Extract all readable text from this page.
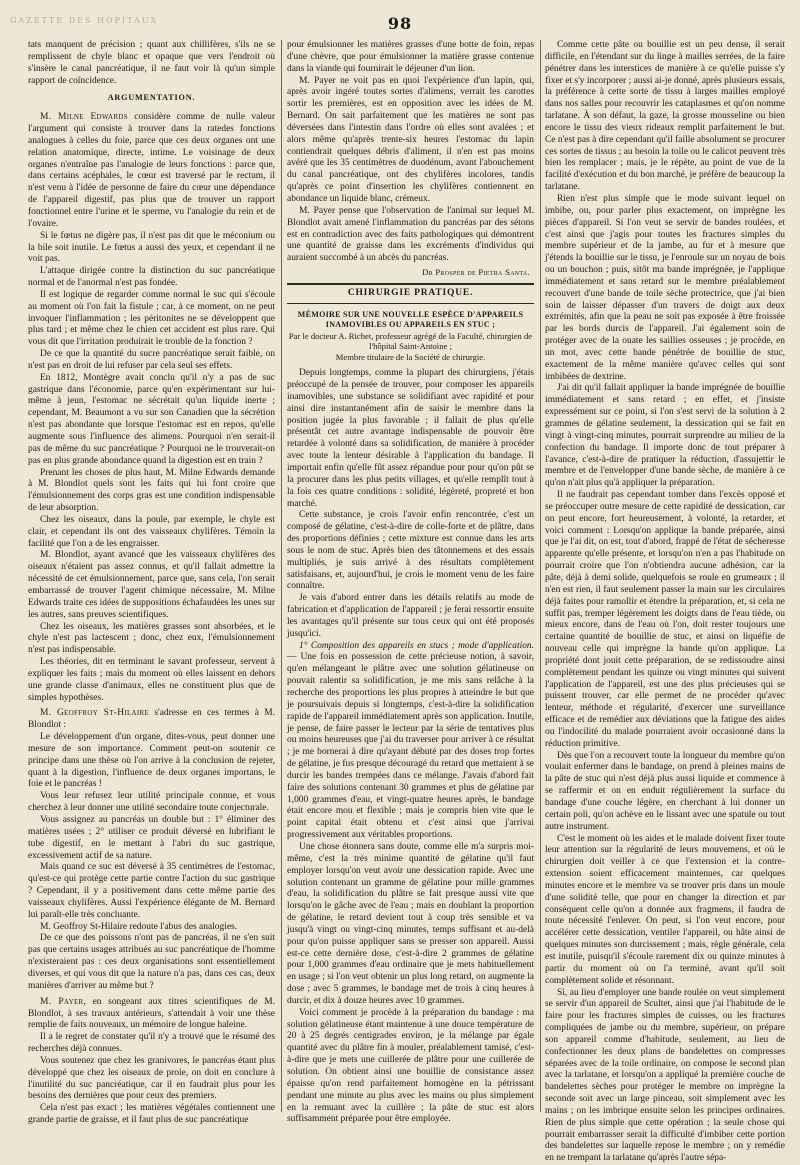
GAZETTE DES HOPITAUX	98

tats manquent de précision ; quant aux chillifères, s'ils ne se remplissent de chyle blanc et opaque que vers l'endroit où s'insère le canal pancréatique, il ne faut voir là qu'un simple rapport de coïncidence.

ARGUMENTATION.

M. Milne Edwards considère comme de nulle valeur l'argument qui consiste à trouver dans la ratedes fonctions analogues à celles du foie, parce que ces deux organes ont une relation anatomique, directe, intime. Le voisinage de deux organes n'entraîne pas l'analogie de leurs fonctions : parce que, dans certains acéphales, le cœur est traversé par le rectum, il n'est venu à l'idée de personne de faire du cœur une dépendance de l'appareil digestif, pas plus que de trouver un rapport fonctionnel entre l'urine et le sperme, vu l'analogie du rein et de l'ovaire.

Si le fœtus ne digère pas, il n'est pas dit que le méconium ou la bile soit inutile. Le fœtus a aussi des yeux, et cependant il ne voit pas.

L'attaque dirigée contre la distinction du suc pancréatique normal et de l'anormal n'est pas fondée.

Il est logique de regarder comme normal le suc qui s'écoule au moment où l'on fait la fistule ; car, à ce moment, on ne peut invoquer l'inflammation ; les péritonites ne se développent que plus tard ; et même chez le chien cet accident est plus rare. Qui vous dit que l'irritation produirait le trouble de la fonction ?

De ce que la quantité du sucre pancréatique serait faible, on n'est pas en droit de lui refuser par cela seul ses effets.

En 1812, Montègre avait conclu qu'il n'y a pas de suc gastrique dans l'économie, parce qu'en expérimentant sur lui-même à jeun, l'estomac ne sécrétait qu'un liquide inerte ; cependant, M. Beaumont a vu sur son Canadien que la sécrétion n'est pas abondante que lorsque l'estomac est en repos, qu'elle augmente sous l'influence des alimens. Pourquoi n'en serait-il pas de même du suc pancréatique ? Pourquoi ne le trouverait-on pas en plus grande abondance quand la digestion est en train ?

Prenant les choses de plus haut, M. Milne Edwards demande à M. Blondlot quels sont les faits qui lui font croire que l'émulsionnement des corps gras est une condition indispensable de leur absorption.

Chez les oiseaux, dans la poule, par exemple, le chyle est clair, et cependant ils ont des vaisseaux chylifères. Témoin la facilité que l'on a de les engraisser.

M. Blondlot, ayant avancé que les vaisseaux chylifères des oiseaux n'étaient pas assez connus, et qu'il fallait admettre la nécessité de cet émulsionnement, parce que, sans cela, l'on serait embarrassé de trouver l'agent chimique nécessaire, M. Milne Edwards traite ces idées de suppositions échafaudées les unes sur les autres, sans preuves scientifiques.

Chez les oiseaux, les matières grasses sont absorbées, et le chyle n'est pas lactescent ; donc, chez eux, l'émulsionnement n'est pas indispensable.

Les théories, dit en terminant le savant professeur, servent à expliquer les faits ; mais du moment où elles laissent en dehors une grande classe d'animaux, elles ne constituent plus que de simples hypothèses.

M. Geoffroy St-Hilaire s'adresse en ces termes à M. Blondlot :

Le développement d'un organe, dites-vous, peut donner une mesure de son importance. Comment peut-on soutenir ce principe dans une thèse où l'on arrive à la conclusion de rejeter, quant à la digestion, l'influence de deux organes importans, le foie et le pancréas !

Vous leur refusez leur utilité principale connue, et vous cherchez à leur donner une utilité secondaire toute conjecturale.

Vous assignez au pancréas un double but : 1° éliminer des matières usées ; 2° utiliser ce produit déversé en lubrifiant le tube digestif, en le mettant à l'abri du suc gastrique, excessivement actif de sa nature.

Mais quand ce suc est déversé à 35 centimètres de l'estomac, qu'est-ce qui protège cette partie contre l'action du suc gastrique ? Cependant, il y a positivement dans cette même partie des vaisseaux chylifères. Aussi l'expérience élégante de M. Bernard lui paraît-elle très concluante.

M. Geoffroy St-Hilaire redoute l'abus des analogies.

De ce que des poissons n'ont pas de pancréas, il ne s'en suit pas que certains usages attribués au suc pancréatique de l'homme n'existeraient pas : ces deux organisations sont essentiellement diverses, et qui vous dit que la nature n'a pas, dans ces cas, deux manières d'arriver au même but ?

M. Payer, en songeant aux titres scientifiques de M. Blondlot, à ses travaux antérieurs, s'attendait à voir une thèse remplie de faits nouveaux, un mémoire de longue haleine.

Il a le regret de constater qu'il n'y a trouvé que le résumé des recherches déjà connues.

Vous soutenez que chez les granivores, le pancréas étant plus développé que chez les oiseaux de proie, on doit en conclure à l'inutilité du suc pancréatique, car il en faudrait plus pour les besoins des dernières que pour ceux des premiers.

Cela n'est pas exact ; les matières végétales contiennent une grande partie de graisse, et il faut plus de suc pancréatique

pour émulsionner les matières grasses d'une botte de foin, repas d'une chèvre, que pour émulsionner la matière grasse contenue dans la viande qui fournirait le déjeuner d'un lion.

M. Payer ne voit pas en quoi l'expérience d'un lapin, qui, après avoir ingéré toutes sortes d'alimens, verrait les carottes sortir les premières, est en opposition avec les idées de M. Bernard. On sait parfaitement que les matières ne sont pas déversées dans l'intestin dans l'ordre où elles sont avalées ; et alors même qu'après trente-six heures l'estomac du lapin contiendrait quelques débris d'aliment, il n'en est pas moins avéré que les 35 centimètres de duodénum, avant l'abouchement du canal pancréatique, ont des chylifères incolores, tandis qu'après ce point d'insertion les chylifères contiennent en abondance un liquide blanc, crémeux.

M. Payer pense que l'observation de l'animal sur lequel M. Blondlot avait amené l'inflammation du pancréas par des sétons est en contradiction avec des faits pathologiques qui démontrent une quantité de graisse dans les excréments d'individus qui auraient succombé à un abcès du pancréas.

Dr Prosper de Pietra Santa.

CHIRURGIE PRATIQUE.

MÉMOIRE SUR UNE NOUVELLE ESPÈCE D'APPAREILS INAMOVIBLES OU APPAREILS EN STUC ;

Par le docteur A. Richet, professeur agrégé de la Faculté, chirurgien de l'hôpital Saint-Antoine ;

Membre titulaire de la Société de chirurgie.

Depuis longtemps, comme la plupart des chirurgiens, j'étais préoccupé de la pensée de trouver, pour composer les appareils inamovibles, une substance se solidifiant avec rapidité et pour ainsi dire instantanément afin de saisir le membre dans la position jugée la plus favorable ; il fallait de plus qu'elle présentât cet autre avantage indispensable de pouvoir être retardée à volonté dans sa solidification, de manière à procéder avec toute la lenteur désirable à l'application du bandage. Il importait enfin qu'elle fût assez répandue pour pour qu'on pût se la procurer dans les plus petits villages, et qu'elle remplît tout à la fois ces quatre conditions : solidité, légèreté, propreté et bon marché.

Cette substance, je crois l'avoir enfin rencontrée, c'est un composé de gélatine, c'est-à-dire de colle-forte et de plâtre, dans des proportions définies ; cette mixture est connue dans les arts sous le nom de stuc. Après bien des tâtonnemens et des essais multipliés, je suis arrivé à des résultats complètement satisfaisans, et, aujourd'hui, je crois le moment venu de les faire connaître.

Je vais d'abord entrer dans les détails relatifs au mode de fabrication et d'application de l'appareil ; je ferai ressortir ensuite les avantages qu'il présente sur tous ceux qui ont été proposés jusqu'ici.

1° Composition des appareils en stucs ; mode d'application. — Une fois en possession de cette précieuse notion, à savoir, qu'en mélangeant le plâtre avec une solution gélatineuse on pouvait ralentir sa solidification, je me mis sans relâche à la recherche des proportions les plus propres à atteindre le but que je poursuivais depuis si longtemps, c'est-à-dire la solidification rapide de l'appareil immédiatement après son application. Inutile, je pense, de faire passer le lecteur par la série de tentatives plus ou moins heureuses que j'ai du traverser pour arriver à ce résultat ; je me bornerai à dire qu'ayant débuté par des doses trop fortes de gélatine, je fus presque découragé du retard que mettaient à se durcir les bandes trempées dans ce mélange. J'avais d'abord fait faire des solutions contenant 30 grammes et plus de gélatine par 1,000 grammes d'eau, et vingt-quatre heures après, le bandage était encore mou et flexible ; mais je compris bien vite que le point capital était obtenu et c'est ainsi que j'arrivai progressivement aux véritables proportions.

Une chose étonnera sans doute, comme elle m'a surpris moi-même, c'est la très minime quantité de gélatine qu'il faut employer lorsqu'on veut avoir une dessication rapide. Avec une solution contenant un gramme de gélatine pour mille grammes d'eau, la solidification du plâtre se fait presque aussi vite que lorsqu'on le gâche avec de l'eau ; mais en doublant la proportion de gélatine, le retard devient tout à coup très sensible et va jusqu'à vingt ou vingt-cinq minutes, temps suffisant et au-delà pour qu'on puisse appliquer sans se presser son appareil. Aussi est-ce cette dernière dose, c'est-à-dire 2 grammes de gélatine pour 1,000 grammes d'eau ordinaire que je mets habituellement en usage ; si l'on veut obtenir un plus long retard, on augmente la dose ; avec 5 grammes, le bandage met de trois à cinq heures à durcir, et dix à douze heures avec 10 grammes.

Voici comment je procède à la préparation du bandage : ma solution gélatineuse étant maintenue à une douce température de 20 à 25 degrés centigrades environ, je la mélange par égale quantité avec du plâtre fin à mouler, préalablement tamisé, c'est-à-dire que je mets une cuillerée de plâtre pour une cuillerée de solution. On obtient ainsi une bouillie de consistance assez épaisse qu'on rend parfaitement homogène en la pétrissant pendant une minute au plus avec les mains ou plus simplement en la remuant avec la cuillère ; la pâte de stuc est alors suffisamment préparée pour être employée.

Comme cette pâte ou bouillie est un peu dense, il serait difficile, en l'étendant sur du linge à mailles serrées, de la faire pénétrer dans les interstices de manière à ce qu'elle puisse s'y fixer et s'y incorporer ; aussi ai-je donné, après plusieurs essais, la préférence à cette sorte de tissu à larges mailles employé dans nos salles pour recouvrir les cataplasmes et qu'on nomme tarlatane. À son défaut, la gaze, la grosse mousseline ou bien encore le tissu des vieux rideaux remplit parfaitement le but. Ce n'est pas à dire cependant qu'il faille absolument se procurer ces sortes de tissus ; au besoin la toile ou le calicot peuvent très bien les remplacer ; mais, je le répète, au point de vue de la facilité d'exécution et du bon marché, je préfère de beaucoup la tarlatane.

Rien n'est plus simple que le mode suivant lequel on imbibe, ou, pour parler plus exactement, on imprègne les pièces d'appareil. Si l'on veut se servir de bandes roulées, et c'est ainsi que j'agis pour toutes les fractures simples du membre supérieur et de la jambe, au fur et à mesure que j'étends la bouillie sur le tissu, je l'enroule sur un noyau de bois ou un bouchon ; puis, sitôt ma bande imprégnée, je l'applique immédiatement et sans retard sur le membre préalablement recouvert d'une bande de toile sèche protectrice, que j'ai bien soin de laisser dépasser d'un travers de doigt aux deux extrémités, afin que la peau ne soit pas exposée à être froissée par les bords durcis de l'appareil. J'ai également soin de protéger avec de la ouate les saillies osseuses ; je procède, en un mot, avec cette bande pénétrée de bouillie de stuc, exactement de la même manière qu'avec celles qui sont imbibées de dextrine.

J'ai dit qu'il fallait appliquer la bande imprégnée de bouillie immédiatement et sans retard ; en effet, et j'insiste expressément sur ce point, si l'on s'est servi de la solution à 2 grammes de gélatine seulement, la dessication qui se fait en vingt à vingt-cinq minutes, pourrait surprendre au milieu de la confection du bandage. Il importe donc de tout préparer à l'avance, c'est-à-dire de pratiquer la réduction, d'assujettir le membre et de l'envelopper d'une bande sèche, de manière à ce qu'on n'ait plus qu'à appliquer la préparation.

Il ne faudrait pas cependant tomber dans l'excès opposé et se préoccuper outre mesure de cette rapidité de dessication, car on peut encore, fort heureusement, à volonté, la retarder, et voici comment : Lorsqu'on applique la bande préparée, ainsi que je l'ai dit, on est, tout d'abord, frappé de l'état de sécheresse apparente qu'elle présente, et lorsqu'on n'en a pas l'habitude on pourrait croire que l'on n'obtiendra aucune adhésion, car la pâte, déjà à demi solide, quelquefois se roule en grumeaux ; il n'en est rien, il faut seulement passer la main sur les circulaires déjà faites pour ramollir et étendre la préparation, et, si cela ne suffit pas, tremper légèrement les doigts dans de l'eau tiède, ou mieux encore, dans de l'eau où l'on, doit rester toujours une certaine quantité de bouillie de stuc, et ainsi on liquéfie de nouveau celle qui imprègne la bande qu'on applique. La propriété dont jouit cette préparation, de se redissoudre ainsi complètement pendant les quinze ou vingt minutes qui suivent l'application de l'appareil, est une des plus précieuses qui se puissent trouver, car elle permet de ne procéder qu'avec lenteur, méthode et régularité, d'exercer une surveillance efficace et de remédier aux déviations que la fatigue des aides ou l'indocilité du malade pourraient avoir occasionné dans la réduction primitive.

Dès que l'on a recouvert toute la longueur du membre qu'on voulait enfermer dans le bandage, on prend à pleines mains de la pâte de stuc qui n'est déjà plus aussi liquide et commence à se raffermir et on en enduit régulièrement la surface du bandage d'une couche légère, en cherchant à lui donner un certain poli, qu'on achève en le lissant avec une spatule ou tout autre instrument.

C'est le moment où les aides et le malade doivent fixer toute leur attention sur la régularité de leurs mouvemens, et où le chirurgien doit veiller à ce que l'extension et la contre-extension soient efficacement maintenues, car quelques minutes encore et le membre va se trouver pris dans un moule d'une solidité telle, que pour en changer la direction et par conséquent celle qu'on a donnée aux fragmens, il faudra de toute nécessité l'enlever. On peut, si l'on veut encore, pour accélérer cette dessication, ventiler l'appareil, ou hâte ainsi de quelques minutes son durcissement ; mais, règle générale, cela est inutile, puisqu'il s'écoule rarement dix ou quinze minutes à partir du moment où on l'a terminé, avant qu'il soit complètement solide et résonnant.

Si, au lieu d'employer une bande roulée on veut simplement se servir d'un appareil de Scultet, ainsi que j'ai l'habitude de le faire pour les fractures simples de cuisses, ou les fractures compliquées de jambe ou du membre, supérieur, on prépare son appareil comme d'habitude, seulement, au lieu de confectionner les deux plans de bandelettes on compresses séparées avec de la toile ordinaire, on compose le second plan avec la tarlatane, et lorsqu'on a appliqué la première couche de bandelettes sèches pour protéger le membre on imprègne la seconde soit avec un large pinceau, soit simplement avec les mains ; on les imbrique ensuite selon les principes ordinaires. Rien de plus simple que cette opération ; la seule chose qui pourrait embarrasser serait la difficulté d'imbiber cette portion des bandelettes sur laquelle repose le membre ; on y remédie en ne trempant la tarlatane qu'après l'autre sépa-
